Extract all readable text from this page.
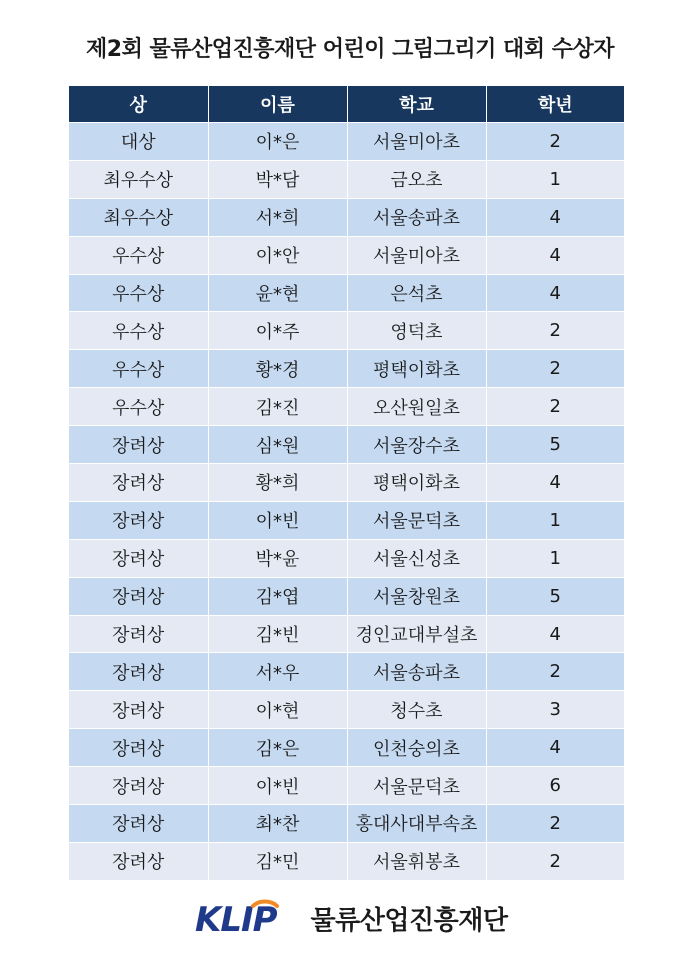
제2회 물류산업진흥재단 어린이 그림그리기 대회 수상자
상	이름	학교	학년
대상	이*은	서울미아초	2
최우수상	박*담	금오초	1
최우수상	서*희	서울송파초	4
우수상	이*안	서울미아초	4
우수상	윤*현	은석초	4
우수상	이*주	영덕초	2
우수상	황*경	평택이화초	2
우수상	김*진	오산원일초	2
장려상	심*원	서울장수초	5
장려상	황*희	평택이화초	4
장려상	이*빈	서울문덕초	1
장려상	박*윤	서울신성초	1
장려상	김*엽	서울창원초	5
장려상	김*빈	경인교대부설초	4
장려상	서*우	서울송파초	2
장려상	이*현	청수초	3
장려상	김*은	인천숭의초	4
장려상	이*빈	서울문덕초	6
장려상	최*찬	홍대사대부속초	2
장려상	김*민	서울휘봉초	2
KLIP 물류산업진흥재단
